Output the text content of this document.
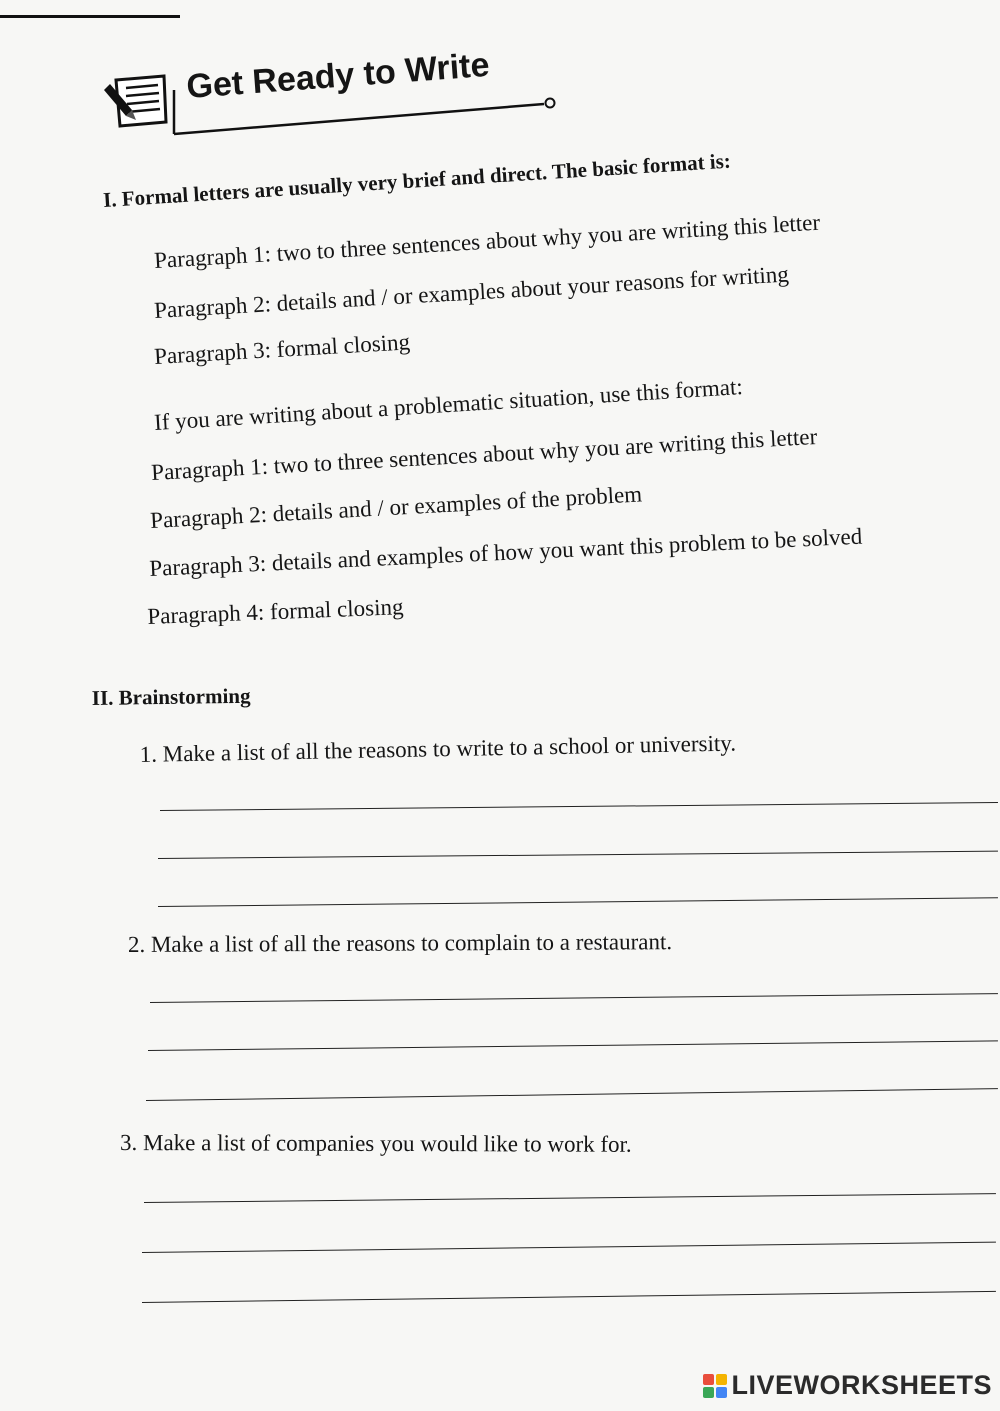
Get Ready to Write
I. Formal letters are usually very brief and direct. The basic format is:
Paragraph 1: two to three sentences about why you are writing this letter
Paragraph 2: details and / or examples about your reasons for writing
Paragraph 3: formal closing
If you are writing about a problematic situation, use this format:
Paragraph 1: two to three sentences about why you are writing this letter
Paragraph 2: details and / or examples of the problem
Paragraph 3: details and examples of how you want this problem to be solved
Paragraph 4: formal closing
II. Brainstorming
1. Make a list of all the reasons to write to a school or university.
2. Make a list of all the reasons to complain to a restaurant.
3. Make a list of companies you would like to work for.
LIVEWORKSHEETS
